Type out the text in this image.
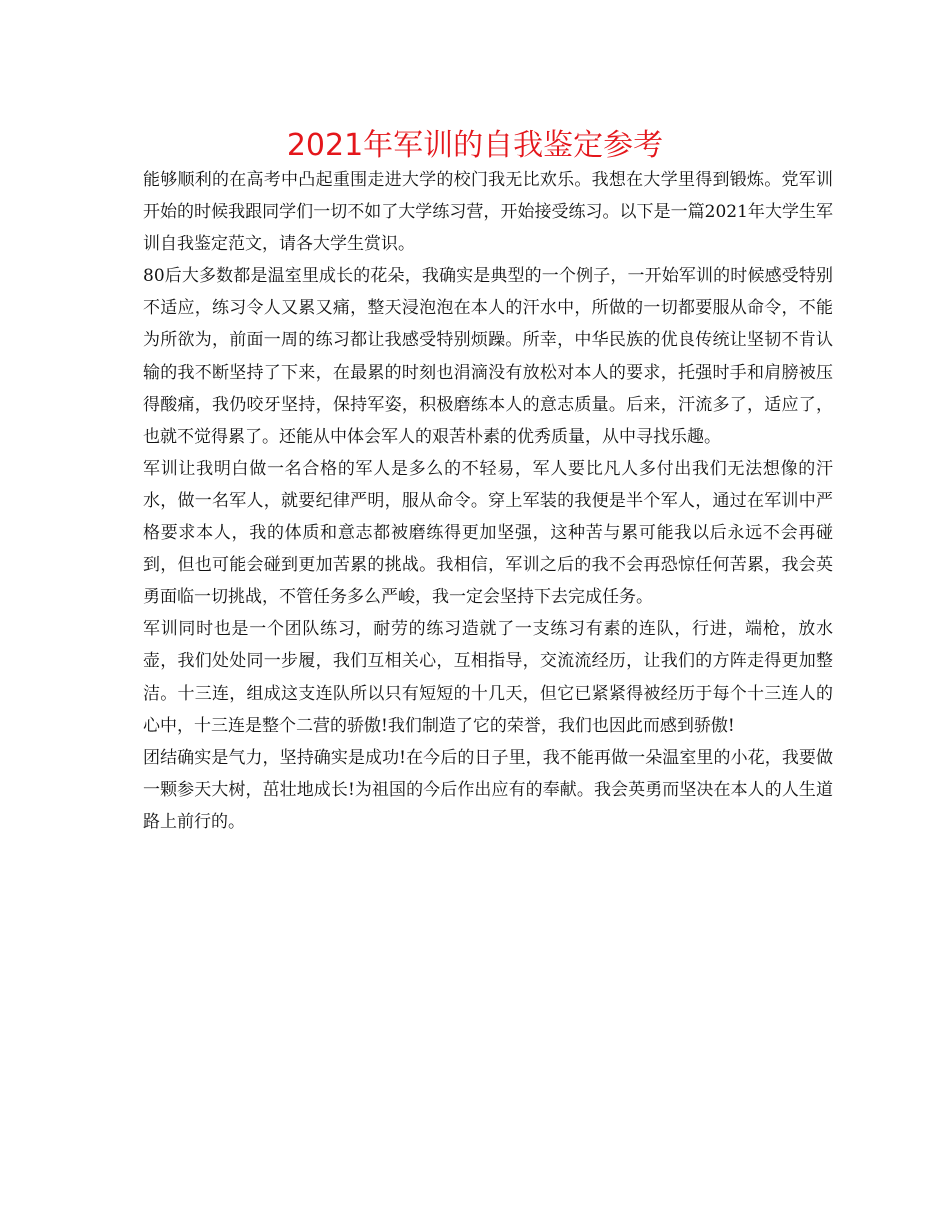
2021年军训的自我鉴定参考

能够顺利的在高考中凸起重围走进大学的校门我无比欢乐。我想在大学里得到锻炼。党军训开始的时候我跟同学们一切不如了大学练习营，开始接受练习。以下是一篇2021年大学生军训自我鉴定范文，请各大学生赏识。

80后大多数都是温室里成长的花朵，我确实是典型的一个例子，一开始军训的时候感受特别不适应，练习令人又累又痛，整天浸泡泡在本人的汗水中，所做的一切都要服从命令，不能为所欲为，前面一周的练习都让我感受特别烦躁。所幸，中华民族的优良传统让坚韧不肯认输的我不断坚持了下来，在最累的时刻也涓滴没有放松对本人的要求，托强时手和肩膀被压得酸痛，我仍咬牙坚持，保持军姿，积极磨练本人的意志质量。后来，汗流多了，适应了，也就不觉得累了。还能从中体会军人的艰苦朴素的优秀质量，从中寻找乐趣。

军训让我明白做一名合格的军人是多么的不轻易，军人要比凡人多付出我们无法想像的汗水，做一名军人，就要纪律严明，服从命令。穿上军装的我便是半个军人，通过在军训中严格要求本人，我的体质和意志都被磨练得更加坚强，这种苦与累可能我以后永远不会再碰到，但也可能会碰到更加苦累的挑战。我相信，军训之后的我不会再恐惊任何苦累，我会英勇面临一切挑战，不管任务多么严峻，我一定会坚持下去完成任务。

军训同时也是一个团队练习，耐劳的练习造就了一支练习有素的连队，行进，端枪，放水壶，我们处处同一步履，我们互相关心，互相指导，交流流经历，让我们的方阵走得更加整洁。十三连，组成这支连队所以只有短短的十几天，但它已紧紧得被经历于每个十三连人的心中，十三连是整个二营的骄傲!我们制造了它的荣誉，我们也因此而感到骄傲!

团结确实是气力，坚持确实是成功!在今后的日子里，我不能再做一朵温室里的小花，我要做一颗参天大树，茁壮地成长!为祖国的今后作出应有的奉献。我会英勇而坚决在本人的人生道路上前行的。
